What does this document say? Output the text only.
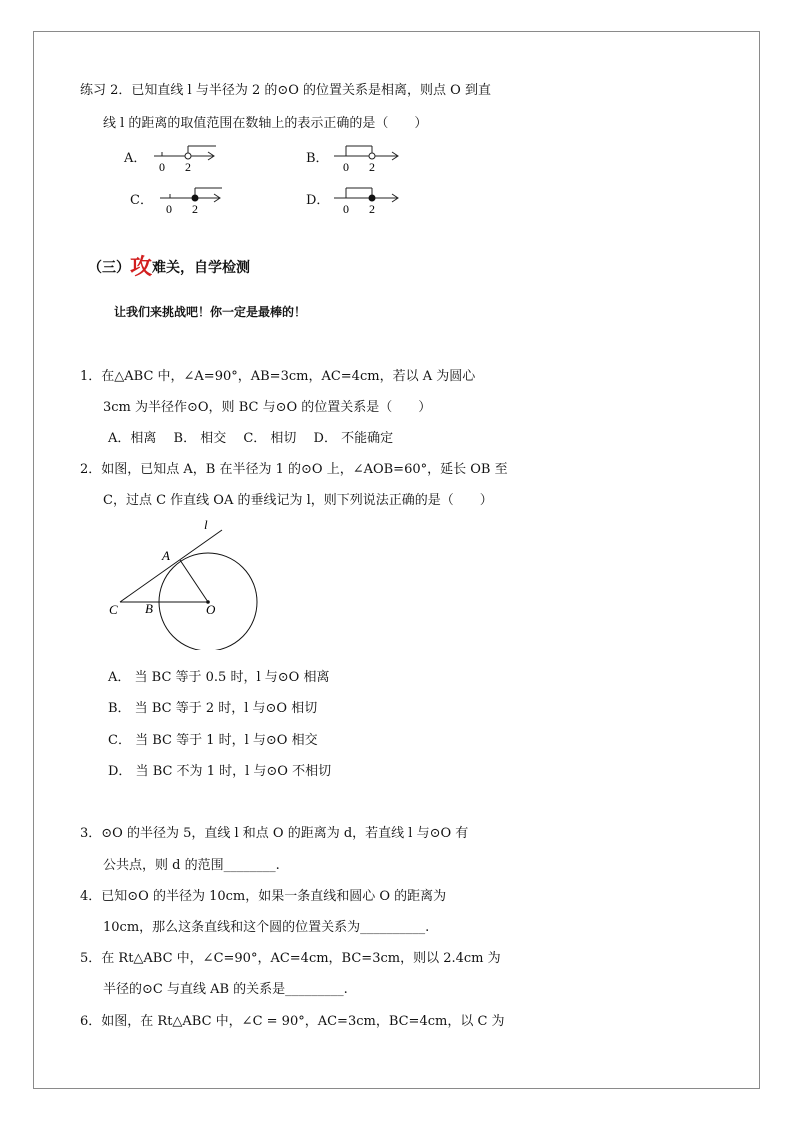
练习 2．已知直线 l 与半径为 2 的⊙O 的位置关系是相离，则点 O 到直
线 l 的距离的取值范围在数轴上的表示正确的是（　　）
A．
0 2
B．
0 2
C．
0 2
D．
0 2
（三）攻难关，自学检测
让我们来挑战吧！你一定是最棒的！
1．在△ABC 中，∠A=90°，AB=3cm，AC=4cm，若以 A 为圆心
3cm 为半径作⊙O，则 BC 与⊙O 的位置关系是（　　）
A．相离　 B． 相交　 C． 相切　 D． 不能确定
2．如图，已知点 A，B 在半径为 1 的⊙O 上，∠AOB=60°，延长 OB 至
C，过点 C 作直线 OA 的垂线记为 l，则下列说法正确的是（　　）
l
A
C B	O
A． 当 BC 等于 0.5 时，l 与⊙O 相离
B． 当 BC 等于 2 时，l 与⊙O 相切
C． 当 BC 等于 1 时，l 与⊙O 相交
D． 当 BC 不为 1 时，l 与⊙O 不相切
3．⊙O 的半径为 5，直线 l 和点 O 的距离为 d，若直线 l 与⊙O 有
公共点，则 d 的范围________.
4．已知⊙O 的半径为 10cm，如果一条直线和圆心 O 的距离为
10cm，那么这条直线和这个圆的位置关系为__________.
5．在 Rt△ABC 中，∠C=90°，AC=4cm，BC=3cm，则以 2.4cm 为
半径的⊙C 与直线 AB 的关系是_________.
6．如图，在 Rt△ABC 中，∠C = 90°，AC=3cm，BC=4cm，以 C 为
